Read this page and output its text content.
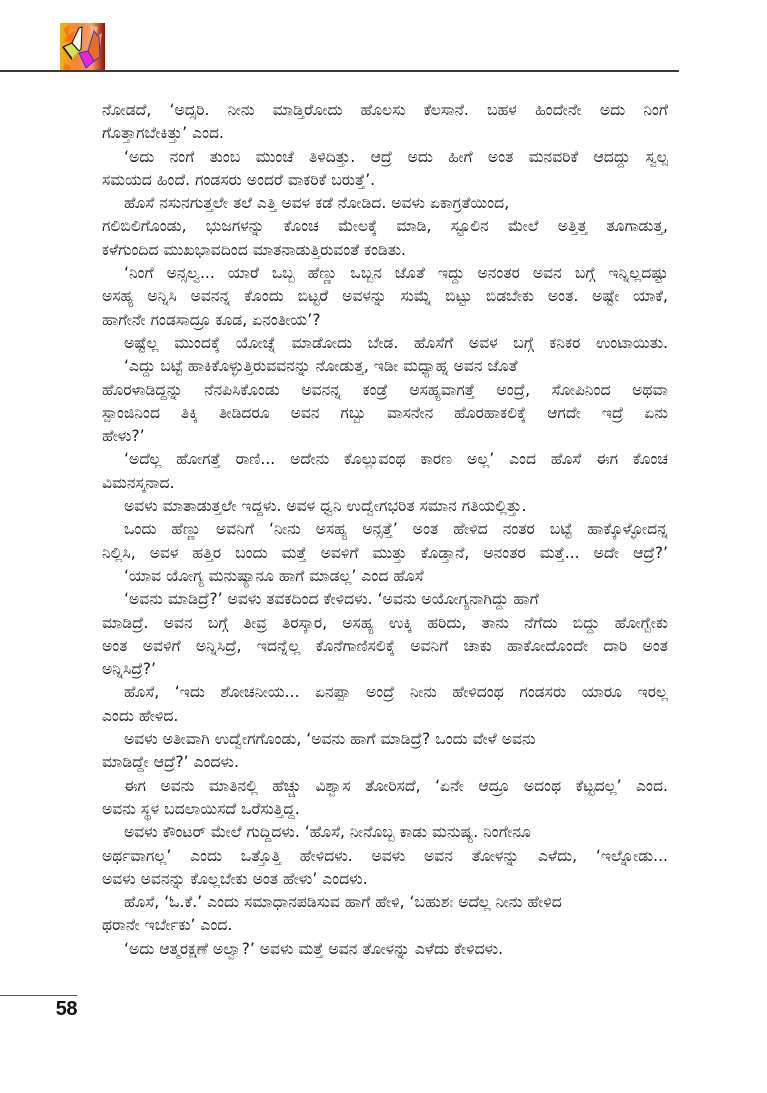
ನೋಡದೆ, ‘ಅದ್ಸರಿ. ನೀನು ಮಾಡ್ತಿರೋದು ಹೊಲಸು ಕೆಲಸಾನೆ. ಬಹಳ ಹಿಂದೇನೇ ಅದು ನಿಂಗೆ
ಗೊತ್ತಾಗಬೇಕಿತ್ತು’ ಎಂದ.
‘ಅದು ನಂಗೆ ತುಂಬ ಮುಂಚೆ ತಿಳಿದಿತ್ತು. ಆದ್ರೆ ಅದು ಹೀಗೆ ಅಂತ ಮನವರಿಕೆ ಆದದ್ದು ಸ್ವಲ್ಪ
ಸಮಯದ ಹಿಂದೆ. ಗಂಡಸರು ಅಂದರೆ ವಾಕರಿಕೆ ಬರುತ್ತೆ’.
ಹೊಸೆ ನಸುನಗುತ್ತಲೇ ತಲೆ ಎತ್ತಿ ಅವಳ ಕಡೆ ನೋಡಿದ. ಅವಳು ಏಕಾಗ್ರತೆಯಿಂದ,
ಗಲಿಬಿಲಿಗೊಂಡು, ಭುಜಗಳನ್ನು ಕೊಂಚ ಮೇಲಕ್ಕೆ ಮಾಡಿ, ಸ್ಟೂಲಿನ ಮೇಲೆ ಅತ್ತಿತ್ತ ತೂಗಾಡುತ್ತ,
ಕಳೆಗುಂದಿದ ಮುಖಭಾವದಿಂದ ಮಾತನಾಡುತ್ತಿರುವಂತೆ ಕಂಡಿತು.
‘ನಿಂಗೆ ಅನ್ಸಲ್ವ... ಯಾರೆ ಒಬ್ಬ ಹೆಣ್ಣು ಒಬ್ಬನ ಜೊತೆ ಇದ್ದು ಅನಂತರ ಅವನ ಬಗ್ಗೆ ಇನ್ನಿಲ್ಲದಷ್ಟು
ಅಸಹ್ಯ ಅನ್ನಿಸಿ ಅವನನ್ನ ಕೊಂದು ಬಿಟ್ಟರೆ ಅವಳನ್ನು ಸುಮ್ನೆ ಬಿಟ್ಟು ಬಿಡಬೇಕು ಅಂತ. ಅಷ್ಟೇ ಯಾಕೆ,
ಹಾಗೇನೇ ಗಂಡಸಾದ್ರೂ ಕೂಡ, ಏನಂತೀಯ’?
ಅಷ್ಟೆಲ್ಲ ಮುಂದಕ್ಕೆ ಯೋಚ್ನೆ ಮಾಡೋದು ಬೇಡ. ಹೊಸೆಗೆ ಅವಳ ಬಗ್ಗೆ ಕನಿಕರ ಉಂಟಾಯಿತು.
‘ಎದ್ದು ಬಟ್ಟೆ ಹಾಕಿಕೊಳ್ಳುತ್ತಿರುವವನನ್ನು ನೋಡುತ್ತ, ಇಡೀ ಮಧ್ಯಾಹ್ನ ಅವನ ಜೊತೆ
ಹೊರಳಾಡಿದ್ದನ್ನು ನೆನಪಿಸಿಕೊಂಡು ಅವನನ್ನ ಕಂಡ್ರೆ ಅಸಹ್ಯವಾಗತ್ತೆ ಅಂದ್ರೆ, ಸೋಪಿನಿಂದ ಅಥವಾ
ಸ್ಪಾಂಜಿನಿಂದ ತಿಕ್ಕಿ ತೀಡಿದರೂ ಅವನ ಗಬ್ಬು ವಾಸನೇನ ಹೊರಹಾಕಲಿಕ್ಕೆ ಆಗದೇ ಇದ್ರೆ ಏನು
ಹೇಳು?’
‘ಅದೆಲ್ಲ ಹೋಗತ್ತೆ ರಾಣಿ... ಅದೇನು ಕೊಲ್ಲುವಂಥ ಕಾರಣ ಅಲ್ಲ’ ಎಂದ ಹೊಸೆ ಈಗ ಕೊಂಚ
ವಿಮನಸ್ಕನಾದ.
ಅವಳು ಮಾತಾಡುತ್ತಲೇ ಇದ್ದಳು. ಅವಳ ಧ್ವನಿ ಉದ್ವೇಗಭರಿತ ಸಮಾನ ಗತಿಯಲ್ಲಿತ್ತು.
ಒಂದು ಹೆಣ್ಣು ಅವನಿಗೆ ‘ನೀನು ಅಸಹ್ಯ ಅನ್ಸತ್ತೆ’ ಅಂತ ಹೇಳಿದ ನಂತರ ಬಟ್ಟೆ ಹಾಕ್ಕೊಳ್ಳೋದನ್ನ
ನಿಲ್ಲಿಸಿ, ಅವಳ ಹತ್ತಿರ ಬಂದು ಮತ್ತೆ ಅವಳಿಗೆ ಮುತ್ತು ಕೊಡ್ತಾನೆ, ಅನಂತರ ಮತ್ತೆ... ಅದೇ ಆದ್ರೆ?’
‘ಯಾವ ಯೋಗ್ಯ ಮನುಷ್ಯಾನೂ ಹಾಗೆ ಮಾಡಲ್ಲ’ ಎಂದ ಹೊಸೆ
‘ಅವನು ಮಾಡಿದ್ರೆ?’ ಅವಳು ತವಕದಿಂದ ಕೇಳಿದಳು. ‘ಅವನು ಅಯೋಗ್ಯನಾಗಿದ್ದು ಹಾಗೆ
ಮಾಡಿದ್ರೆ. ಅವನ ಬಗ್ಗೆ ತೀವ್ರ ತಿರಸ್ಕಾರ, ಅಸಹ್ಯ ಉಕ್ಕಿ ಹರಿದು, ತಾನು ನೆಗೆದು ಬಿದ್ದು ಹೋಗ್ಬೇಕು
ಅಂತ ಅವಳಿಗೆ ಅನ್ನಿಸಿದ್ರೆ, ಇದನ್ನೆಲ್ಲ ಕೊನೆಗಾಣಿಸಲಿಕ್ಕೆ ಅವನಿಗೆ ಚಾಕು ಹಾಕೋದೊಂದೇ ದಾರಿ ಅಂತ
ಅನ್ನಿಸಿದ್ರೆ?’
ಹೊಸೆ, ‘ಇದು ಶೋಚನೀಯ... ಏನಪ್ಪಾ ಅಂದ್ರೆ ನೀನು ಹೇಳಿದಂಥ ಗಂಡಸರು ಯಾರೂ ಇರಲ್ಲ
ಎಂದು ಹೇಳಿದ.
ಅವಳು ಅತೀವಾಗಿ ಉದ್ವೇಗಗೊಂಡು, ‘ಅವನು ಹಾಗೆ ಮಾಡಿದ್ರೆ? ಒಂದು ವೇಳೆ ಅವನು
ಮಾಡಿದ್ದೇ ಆದ್ರೆ?’ ಎಂದಳು.
ಈಗ ಅವನು ಮಾತಿನಲ್ಲಿ ಹೆಚ್ಚು ವಿಶ್ವಾಸ ತೋರಿಸದೆ, ‘ಏನೇ ಆದ್ರೂ ಅದಂಥ ಕೆಟ್ಟದಲ್ಲ’ ಎಂದ.
ಅವನು ಸ್ಥಳ ಬದಲಾಯಿಸದೆ ಒರೆಸುತ್ತಿದ್ದ.
ಅವಳು ಕೌಂಟರ್ ಮೇಲೆ ಗುದ್ದಿದಳು. ‘ಹೊಸೆ, ನೀನೊಬ್ಬ ಕಾಡು ಮನುಷ್ಯ. ನಿಂಗೇನೂ
ಅರ್ಥವಾಗಲ್ಲ’ ಎಂದು ಒತ್ತೊತ್ತಿ ಹೇಳಿದಳು. ಅವಳು ಅವನ ತೋಳನ್ನು ಎಳೆದು, ‘ಇಲ್ನೋಡು...
ಅವಳು ಅವನನ್ನು ಕೊಲ್ಲಬೇಕು ಅಂತ ಹೇಳು’ ಎಂದಳು.
ಹೊಸೆ, ‘ಓ.ಕೆ.’ ಎಂದು ಸಮಾಧಾನಪಡಿಸುವ ಹಾಗೆ ಹೇಳಿ, ‘ಬಹುಶಃ ಅದೆಲ್ಲ ನೀನು ಹೇಳಿದ
ಥರಾನೇ ಇರ್ಬೇಕು’ ಎಂದ.
‘ಅದು ಆತ್ಮರಕ್ಷಣೆ ಅಲ್ವಾ?’ ಅವಳು ಮತ್ತೆ ಅವನ ತೋಳನ್ನು ಎಳೆದು ಕೇಳಿದಳು.
58
